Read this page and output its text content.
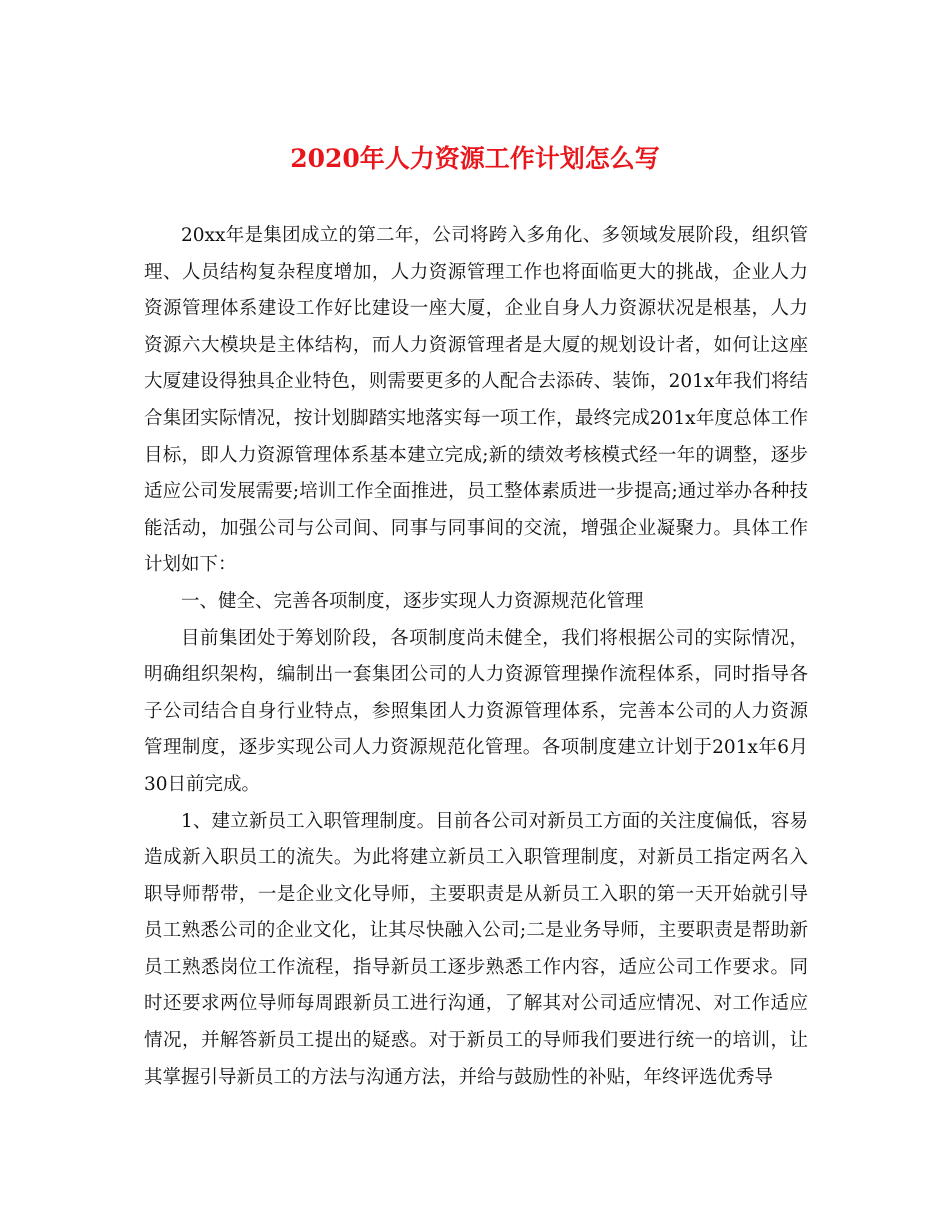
2020年人力资源工作计划怎么写

20xx年是集团成立的第二年，公司将跨入多角化、多领域发展阶段，组织管理、人员结构复杂程度增加，人力资源管理工作也将面临更大的挑战，企业人力资源管理体系建设工作好比建设一座大厦，企业自身人力资源状况是根基，人力资源六大模块是主体结构，而人力资源管理者是大厦的规划设计者，如何让这座大厦建设得独具企业特色，则需要更多的人配合去添砖、装饰，201x年我们将结合集团实际情况，按计划脚踏实地落实每一项工作，最终完成201x年度总体工作目标，即人力资源管理体系基本建立完成;新的绩效考核模式经一年的调整，逐步适应公司发展需要;培训工作全面推进，员工整体素质进一步提高;通过举办各种技能活动，加强公司与公司间、同事与同事间的交流，增强企业凝聚力。具体工作计划如下：

一、健全、完善各项制度，逐步实现人力资源规范化管理

目前集团处于筹划阶段，各项制度尚未健全，我们将根据公司的实际情况，明确组织架构，编制出一套集团公司的人力资源管理操作流程体系，同时指导各子公司结合自身行业特点，参照集团人力资源管理体系，完善本公司的人力资源管理制度，逐步实现公司人力资源规范化管理。各项制度建立计划于201x年6月30日前完成。

1、建立新员工入职管理制度。目前各公司对新员工方面的关注度偏低，容易造成新入职员工的流失。为此将建立新员工入职管理制度，对新员工指定两名入职导师帮带，一是企业文化导师，主要职责是从新员工入职的第一天开始就引导员工熟悉公司的企业文化，让其尽快融入公司;二是业务导师，主要职责是帮助新员工熟悉岗位工作流程，指导新员工逐步熟悉工作内容，适应公司工作要求。同时还要求两位导师每周跟新员工进行沟通，了解其对公司适应情况、对工作适应情况，并解答新员工提出的疑惑。对于新员工的导师我们要进行统一的培训，让其掌握引导新员工的方法与沟通方法，并给与鼓励性的补贴，年终评选优秀导
